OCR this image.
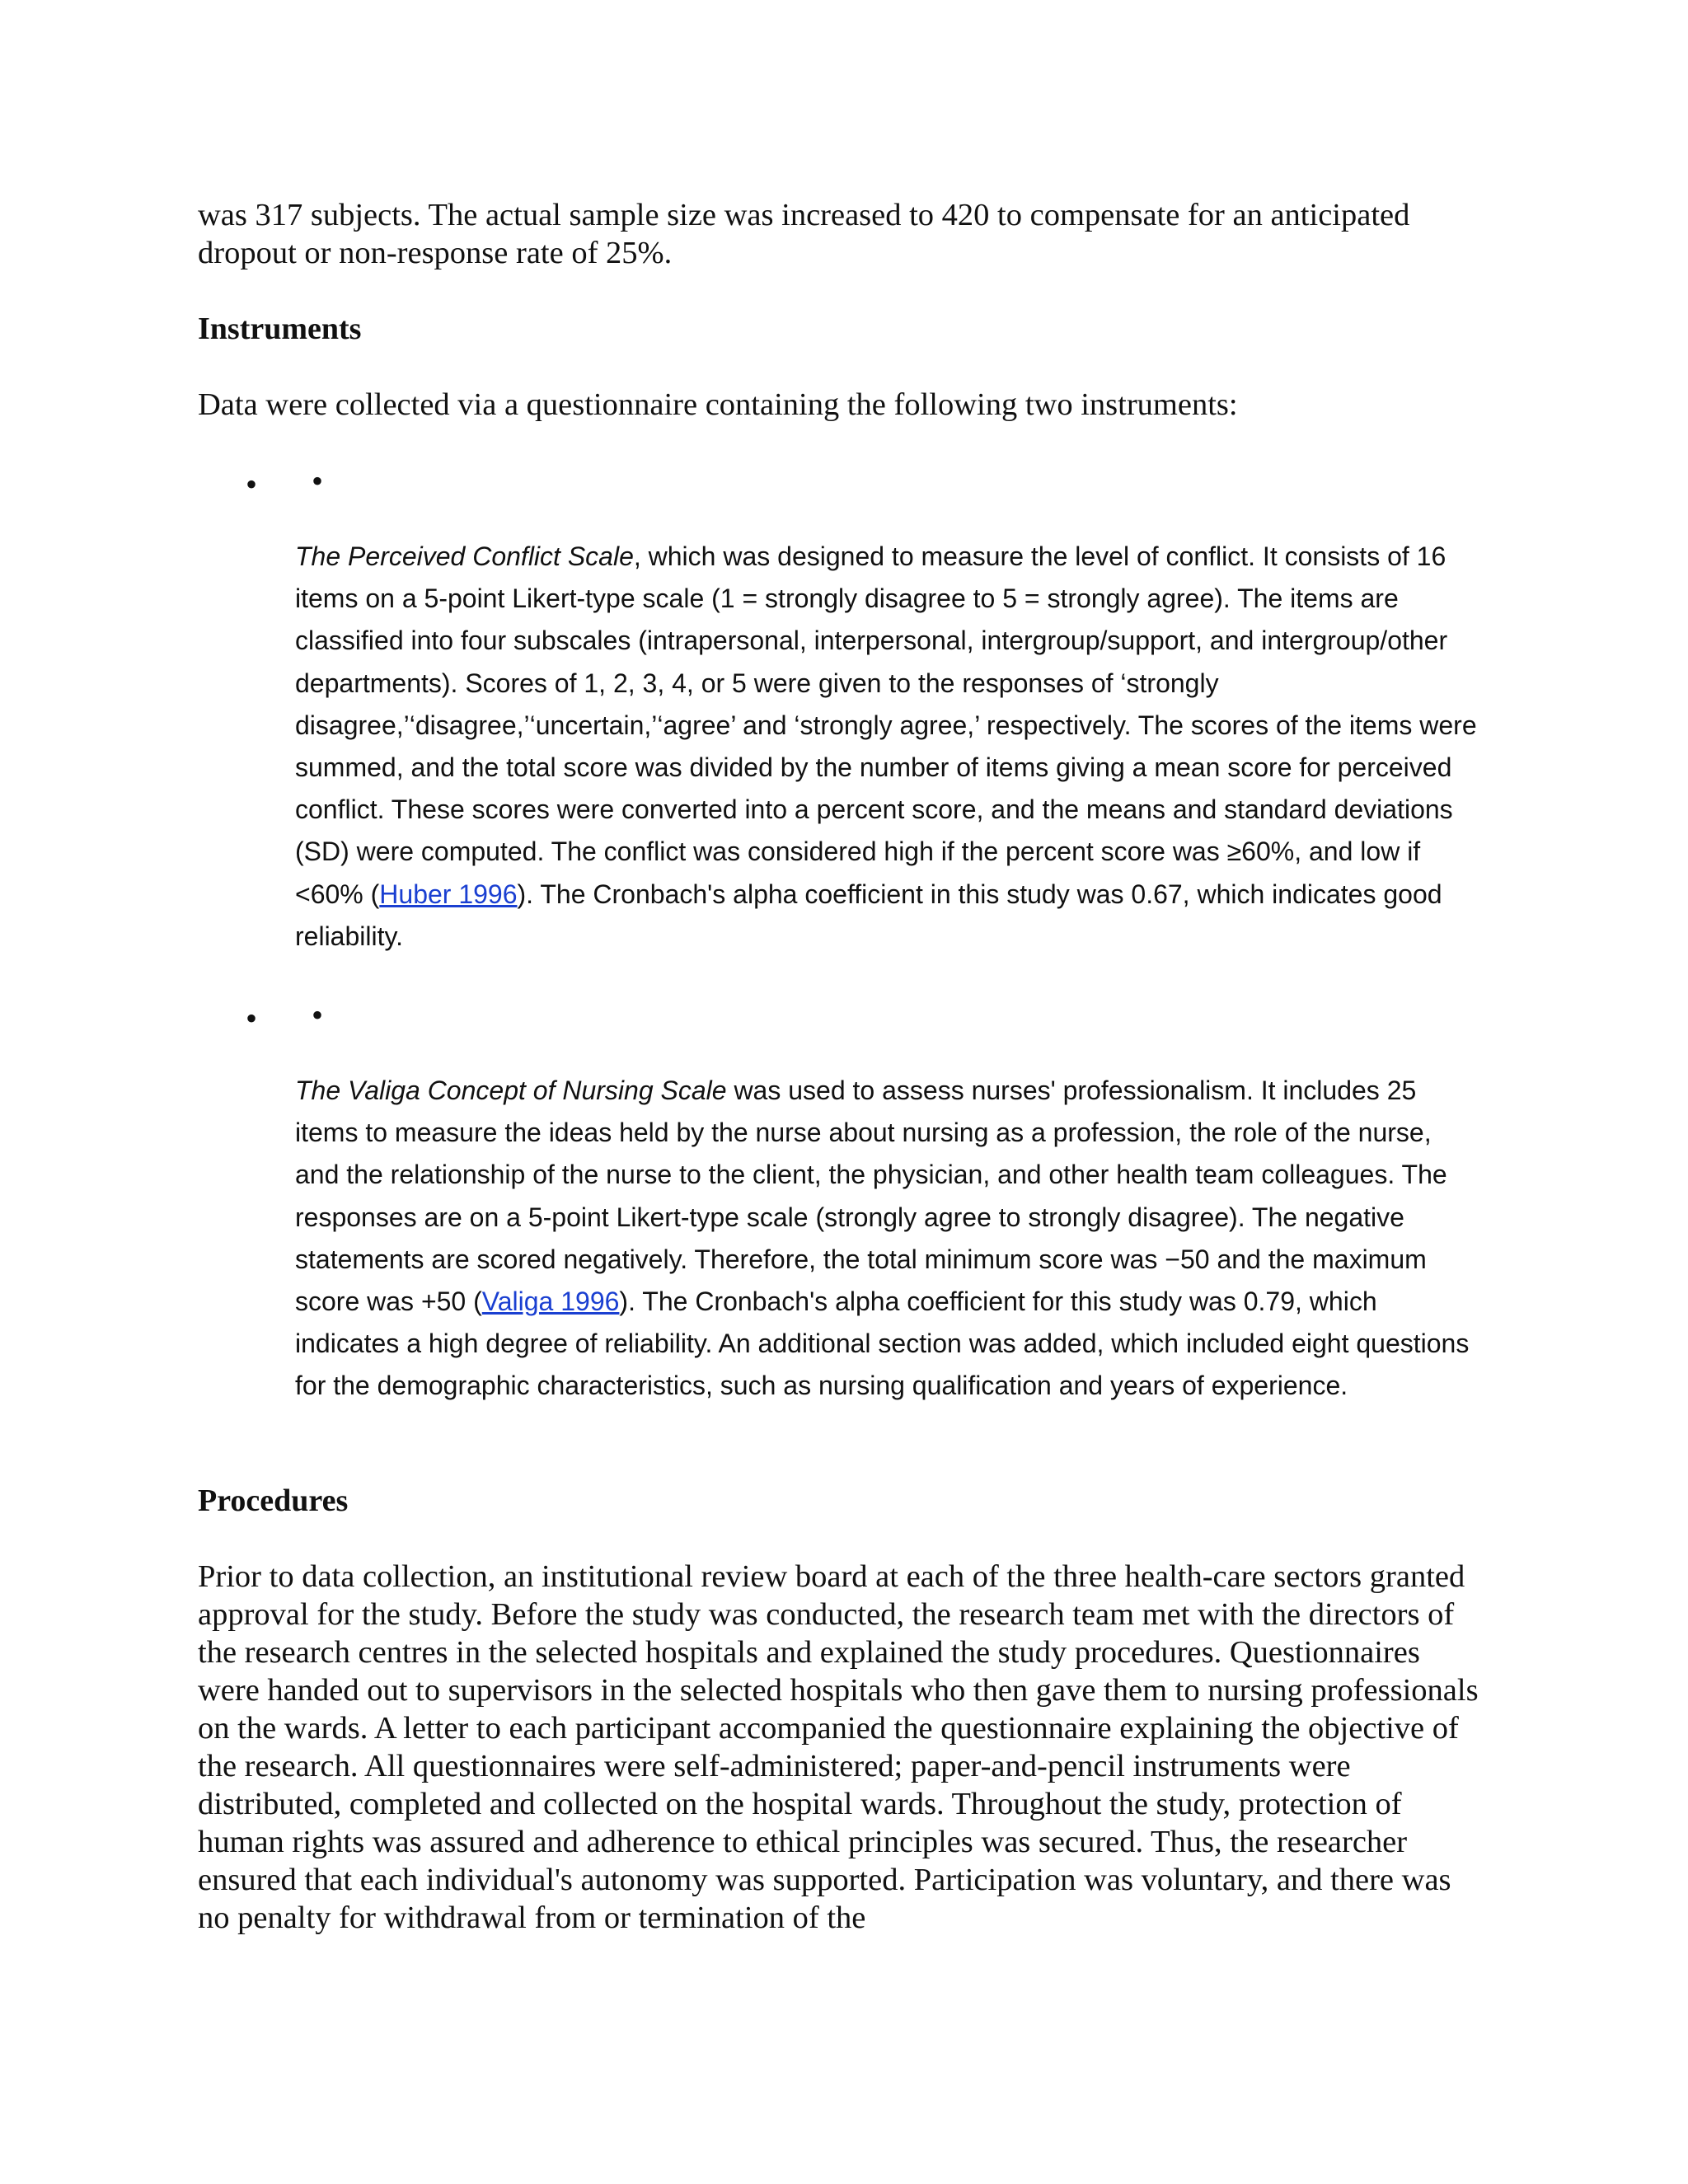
was 317 subjects. The actual sample size was increased to 420 to compensate for an anticipated dropout or non-response rate of 25%.

Instruments

Data were collected via a questionnaire containing the following two instruments:

• •

The Perceived Conflict Scale, which was designed to measure the level of conflict. It consists of 16 items on a 5-point Likert-type scale (1 = strongly disagree to 5 = strongly agree). The items are classified into four subscales (intrapersonal, interpersonal, intergroup/support, and intergroup/other departments). Scores of 1, 2, 3, 4, or 5 were given to the responses of ‘strongly disagree,’‘disagree,’‘uncertain,’‘agree’ and ‘strongly agree,’ respectively. The scores of the items were summed, and the total score was divided by the number of items giving a mean score for perceived conflict. These scores were converted into a percent score, and the means and standard deviations (SD) were computed. The conflict was considered high if the percent score was ≥60%, and low if <60% (Huber 1996). The Cronbach's alpha coefficient in this study was 0.67, which indicates good reliability.

• •

The Valiga Concept of Nursing Scale was used to assess nurses' professionalism. It includes 25 items to measure the ideas held by the nurse about nursing as a profession, the role of the nurse, and the relationship of the nurse to the client, the physician, and other health team colleagues. The responses are on a 5-point Likert-type scale (strongly agree to strongly disagree). The negative statements are scored negatively. Therefore, the total minimum score was −50 and the maximum score was +50 (Valiga 1996). The Cronbach's alpha coefficient for this study was 0.79, which indicates a high degree of reliability. An additional section was added, which included eight questions for the demographic characteristics, such as nursing qualification and years of experience.

Procedures

Prior to data collection, an institutional review board at each of the three health-care sectors granted approval for the study. Before the study was conducted, the research team met with the directors of the research centres in the selected hospitals and explained the study procedures. Questionnaires were handed out to supervisors in the selected hospitals who then gave them to nursing professionals on the wards. A letter to each participant accompanied the questionnaire explaining the objective of the research. All questionnaires were self-administered; paper-and-pencil instruments were distributed, completed and collected on the hospital wards. Throughout the study, protection of human rights was assured and adherence to ethical principles was secured. Thus, the researcher ensured that each individual's autonomy was supported. Participation was voluntary, and there was no penalty for withdrawal from or termination of the
